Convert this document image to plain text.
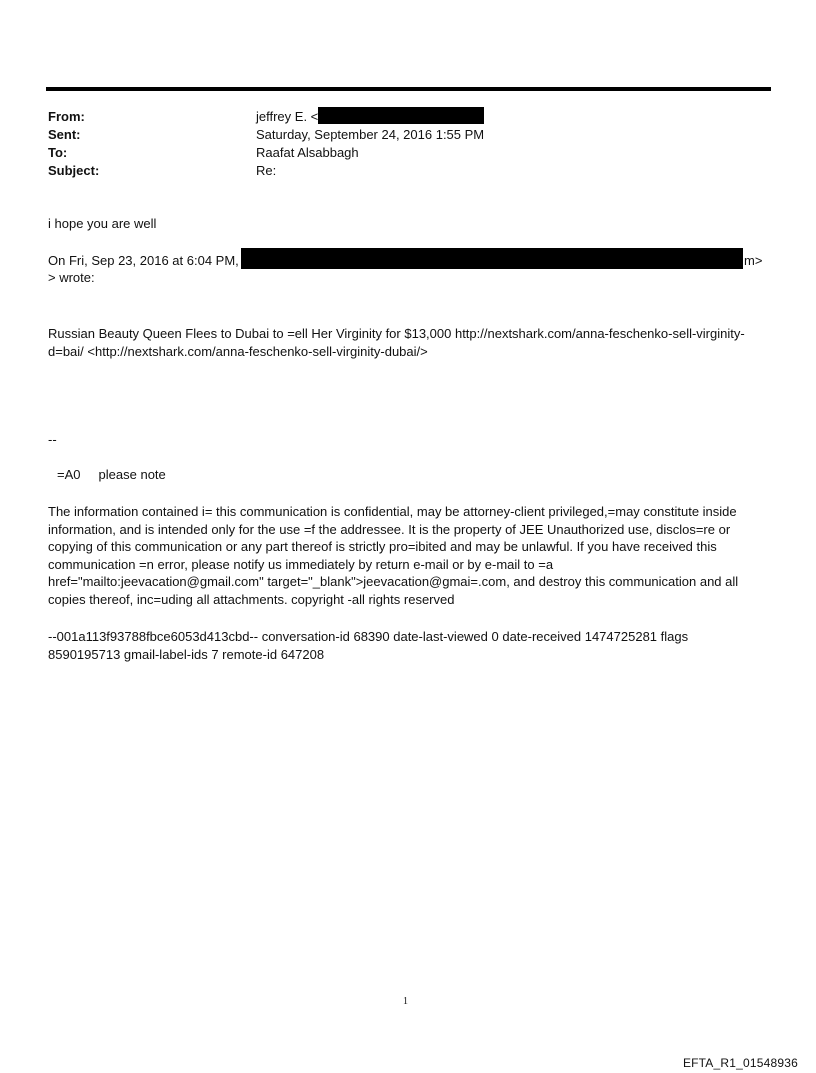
From:	jeffrey E. <
Sent:	Saturday, September 24, 2016 1:55 PM
To:	Raafat Alsabbagh
Subject:	Re:
i hope you are well
On Fri, Sep 23, 2016 at 6:04 PM,	m>
> wrote:
Russian Beauty Queen Flees to Dubai to =ell Her Virginity for $13,000 http://nextshark.com/anna-feschenko-sell-virginity-d=bai/ <http://nextshark.com/anna-feschenko-sell-virginity-dubai/>
--
=A0     please note
The information contained i= this communication is confidential, may be attorney-client privileged,=may constitute inside information, and is intended only for the use =f the addressee. It is the property of JEE Unauthorized use, disclos=re or copying of this communication or any part thereof is strictly pro=ibited and may be unlawful. If you have received this communication =n error, please notify us immediately by return e-mail or by e-mail to =a href="mailto:jeevacation@gmail.com" target="_blank">jeevacation@gmai=.com, and destroy this communication and all copies thereof, inc=uding all attachments. copyright -all rights reserved
--001a113f93788fbce6053d413cbd-- conversation-id 68390 date-last-viewed 0 date-received 1474725281 flags 8590195713 gmail-label-ids 7 remote-id 647208
1
EFTA_R1_01548936
